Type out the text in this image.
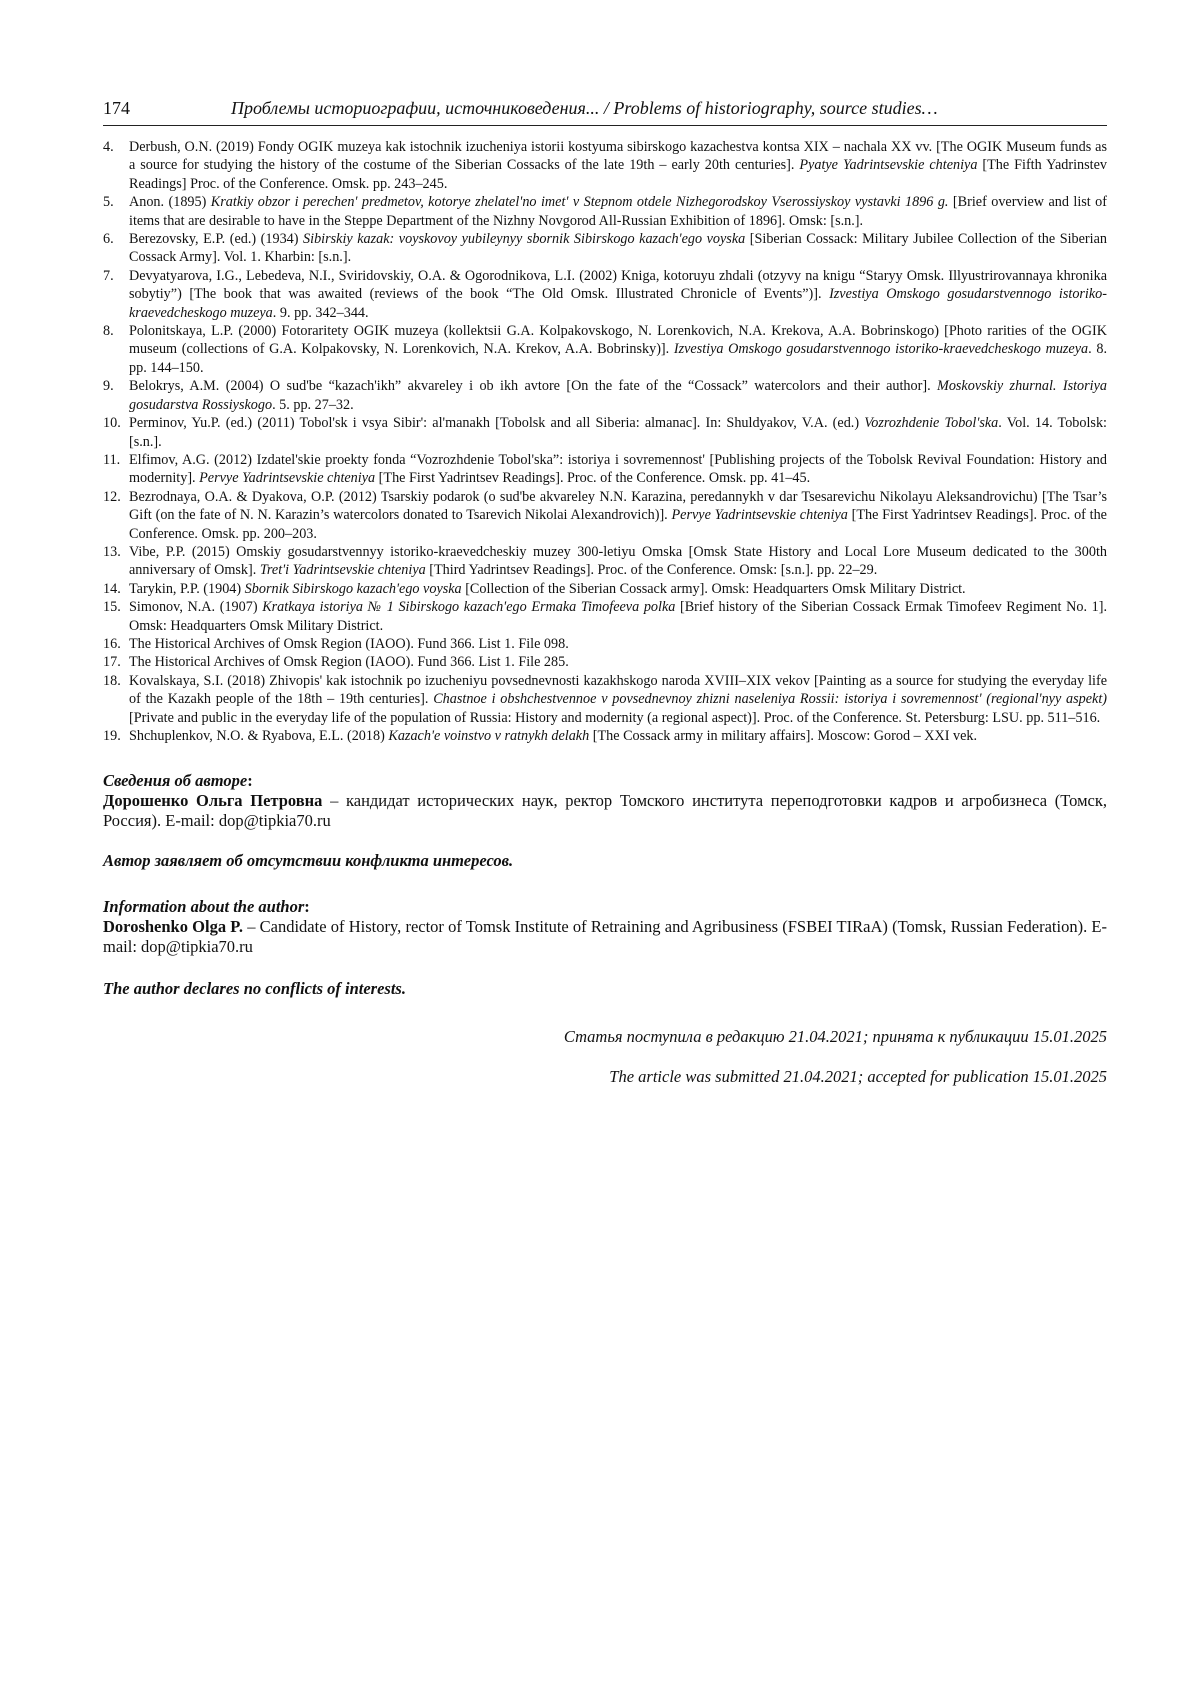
174	Проблемы историографии, источниковедения... / Problems of historiography, source studies…
4.	Derbush, O.N. (2019) Fondy OGIK muzeya kak istochnik izucheniya istorii kostyuma sibirskogo kazachestva kontsa XIX – nachala XX vv. [The OGIK Museum funds as a source for studying the history of the costume of the Siberian Cossacks of the late 19th – early 20th centuries]. Pyatye Yadrintsevskie chteniya [The Fifth Yadrinstev Readings] Proc. of the Conference. Omsk. pp. 243–245.
5.	Anon. (1895) Kratkiy obzor i perechen' predmetov, kotorye zhelatel'no imet' v Stepnom otdele Nizhegorodskoy Vserossiyskoy vystavki 1896 g. [Brief overview and list of items that are desirable to have in the Steppe Department of the Nizhny Novgorod All-Russian Exhibition of 1896]. Omsk: [s.n.].
6.	Berezovsky, E.P. (ed.) (1934) Sibirskiy kazak: voyskovoy yubileynyy sbornik Sibirskogo kazach'ego voyska [Siberian Cossack: Military Jubilee Collection of the Siberian Cossack Army]. Vol. 1. Kharbin: [s.n.].
7.	Devyatyarova, I.G., Lebedeva, N.I., Sviridovskiy, O.A. & Ogorodnikova, L.I. (2002) Kniga, kotoruyu zhdali (otzyvy na knigu “Staryy Omsk. Illyustrirovannaya khronika sobytiy”) [The book that was awaited (reviews of the book “The Old Omsk. Illustrated Chronicle of Events”)]. Izvestiya Omskogo gosudarstvennogo istoriko-kraevedcheskogo muzeya. 9. pp. 342–344.
8.	Polonitskaya, L.P. (2000) Fotoraritety OGIK muzeya (kollektsii G.A. Kolpakovskogo, N. Lorenkovich, N.A. Krekova, A.A. Bobrinskogo) [Photo rarities of the OGIK museum (collections of G.A. Kolpakovsky, N. Lorenkovich, N.A. Krekov, A.A. Bobrinsky)]. Izvestiya Omskogo gosudarstvennogo istoriko-kraevedcheskogo muzeya. 8. pp. 144–150.
9.	Belokrys, A.M. (2004) O sud'be “kazach'ikh” akvareley i ob ikh avtore [On the fate of the “Cossack” watercolors and their author]. Moskovskiy zhurnal. Istoriya gosudarstva Rossiyskogo. 5. pp. 27–32.
10. Perminov, Yu.P. (ed.) (2011) Tobol'sk i vsya Sibir': al'manakh [Tobolsk and all Siberia: almanac]. In: Shuldyakov, V.A. (ed.) Vozrozhdenie Tobol'ska. Vol. 14. Tobolsk: [s.n.].
11. Elfimov, A.G. (2012) Izdatel'skie proekty fonda “Vozrozhdenie Tobol'ska”: istoriya i sovremennost' [Publishing projects of the Tobolsk Revival Foundation: History and modernity]. Pervye Yadrintsevskie chteniya [The First Yadrintsev Readings]. Proc. of the Conference. Omsk. pp. 41–45.
12. Bezrodnaya, O.A. & Dyakova, O.P. (2012) Tsarskiy podarok (o sud'be akvareley N.N. Karazina, peredannykh v dar Tsesarevichu Nikolayu Aleksandrovichu) [The Tsar’s Gift (on the fate of N. N. Karazin’s watercolors donated to Tsarevich Nikolai Alexandrovich)]. Pervye Yadrintsevskie chteniya [The First Yadrintsev Readings]. Proc. of the Conference. Omsk. pp. 200–203.
13. Vibe, P.P. (2015) Omskiy gosudarstvennyy istoriko-kraevedcheskiy muzey 300-letiyu Omska [Omsk State History and Local Lore Museum dedicated to the 300th anniversary of Omsk]. Tret'i Yadrintsevskie chteniya [Third Yadrintsev Readings]. Proc. of the Conference. Omsk: [s.n.]. pp. 22–29.
14. Tarykin, P.P. (1904) Sbornik Sibirskogo kazach'ego voyska [Collection of the Siberian Cossack army]. Omsk: Headquarters Omsk Military District.
15. Simonov, N.A. (1907) Kratkaya istoriya № 1 Sibirskogo kazach'ego Ermaka Timofeeva polka [Brief history of the Siberian Cossack Ermak Timofeev Regiment No. 1]. Omsk: Headquarters Omsk Military District.
16. The Historical Archives of Omsk Region (IAOO). Fund 366. List 1. File 098.
17. The Historical Archives of Omsk Region (IAOO). Fund 366. List 1. File 285.
18. Kovalskaya, S.I. (2018) Zhivopis' kak istochnik po izucheniyu povsednevnosti kazakhskogo naroda XVIII–XIX vekov [Painting as a source for studying the everyday life of the Kazakh people of the 18th – 19th centuries]. Chastnoe i obshchestvennoe v povsednevnoy zhizni naseleniya Rossii: istoriya i sovremennost' (regional'nyy aspekt) [Private and public in the everyday life of the population of Russia: History and modernity (a regional aspect)]. Proc. of the Conference. St. Petersburg: LSU. pp. 511–516.
19. Shchuplenkov, N.O. & Ryabova, E.L. (2018) Kazach'e voinstvo v ratnykh delakh [The Cossack army in military affairs]. Moscow: Gorod – XXI vek.
Сведения об авторе:
Дорошенко Ольга Петровна – кандидат исторических наук, ректор Томского института переподготовки кадров и агробизнеса (Томск, Россия). E-mail: dop@tipkia70.ru
Автор заявляет об отсутствии конфликта интересов.
Information about the author:
Doroshenko Olga P. – Candidate of History, rector of Tomsk Institute of Retraining and Agribusiness (FSBEI TIRaA) (Tomsk, Russian Federation). E-mail: dop@tipkia70.ru
The author declares no conflicts of interests.
Статья поступила в редакцию 21.04.2021; принята к публикации 15.01.2025
The article was submitted 21.04.2021; accepted for publication 15.01.2025
